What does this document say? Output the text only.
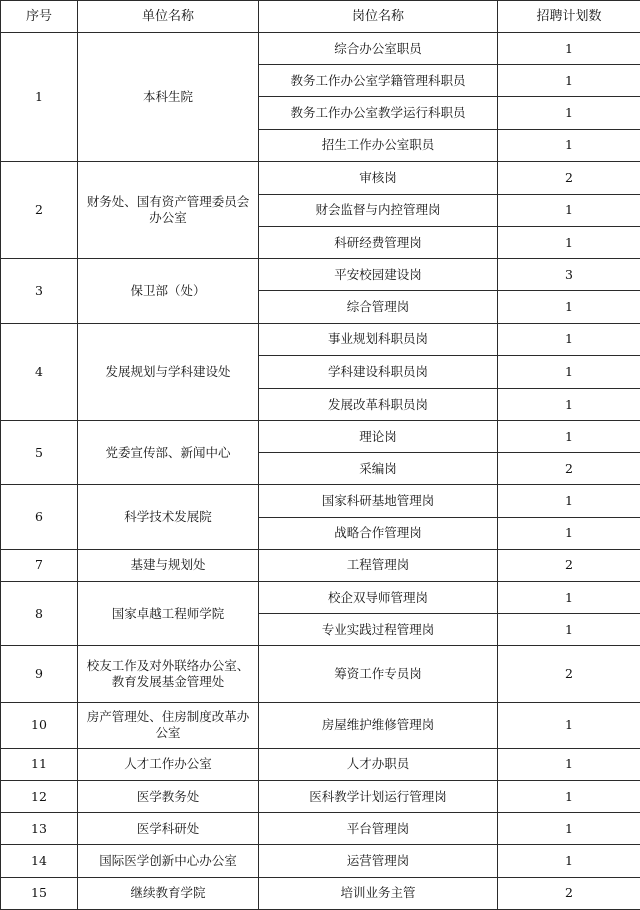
序号	单位名称	岗位名称	招聘计划数
1	本科生院	综合办公室职员	1
		教务工作办公室学籍管理科职员	1
		教务工作办公室教学运行科职员	1
		招生工作办公室职员	1
2	财务处、国有资产管理委员会办公室	审核岗	2
		财会监督与内控管理岗	1
		科研经费管理岗	1
3	保卫部（处）	平安校园建设岗	3
		综合管理岗	1
4	发展规划与学科建设处	事业规划科职员岗	1
		学科建设科职员岗	1
		发展改革科职员岗	1
5	党委宣传部、新闻中心	理论岗	1
		采编岗	2
6	科学技术发展院	国家科研基地管理岗	1
		战略合作管理岗	1
7	基建与规划处	工程管理岗	2
8	国家卓越工程师学院	校企双导师管理岗	1
		专业实践过程管理岗	1
9	校友工作及对外联络办公室、教育发展基金管理处	筹资工作专员岗	2
10	房产管理处、住房制度改革办公室	房屋维护维修管理岗	1
11	人才工作办公室	人才办职员	1
12	医学教务处	医科教学计划运行管理岗	1
13	医学科研处	平台管理岗	1
14	国际医学创新中心办公室	运营管理岗	1
15	继续教育学院	培训业务主管	2
